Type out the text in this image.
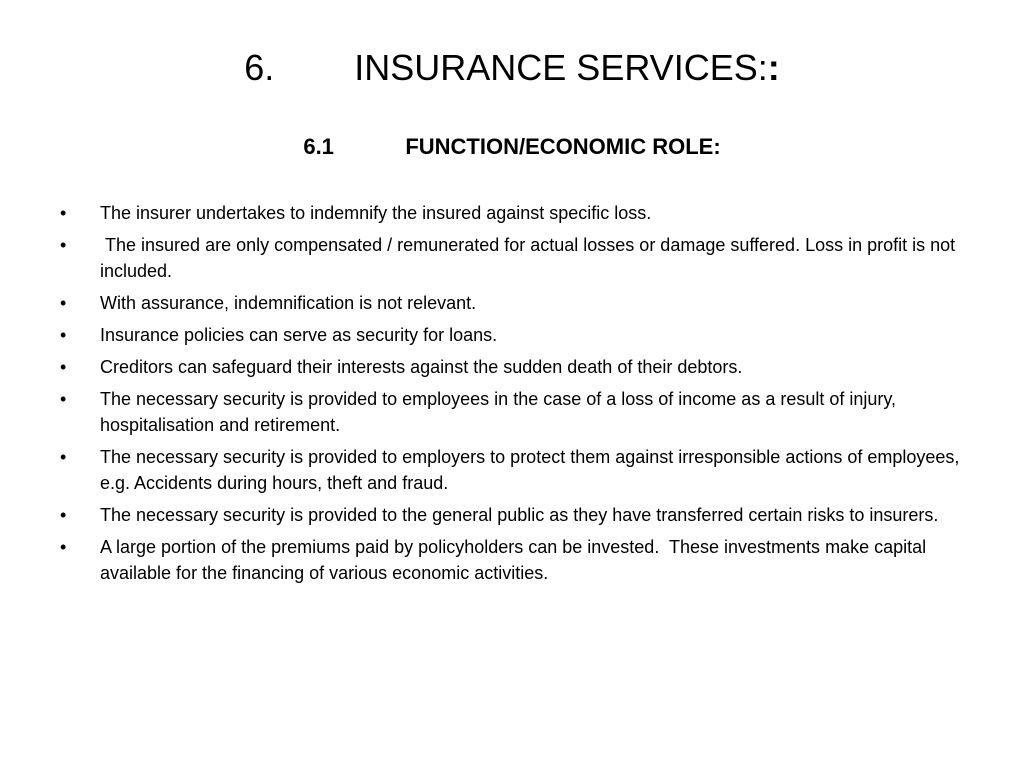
6. INSURANCE SERVICES::
6.1	FUNCTION/ECONOMIC ROLE:
•	The insurer undertakes to indemnify the insured against specific loss.
•	The insured are only compensated / remunerated for actual losses or damage suffered. Loss in profit is not included.
•	With assurance, indemnification is not relevant.
•	Insurance policies can serve as security for loans.
•	Creditors can safeguard their interests against the sudden death of their debtors.
•	The necessary security is provided to employees in the case of a loss of income as a result of injury, hospitalisation and retirement.
•	The necessary security is provided to employers to protect them against irresponsible actions of employees, e.g. Accidents during hours, theft and fraud.
•	The necessary security is provided to the general public as they have transferred certain risks to insurers.
•	A large portion of the premiums paid by policyholders can be invested.  These investments make capital available for the financing of various economic activities.
